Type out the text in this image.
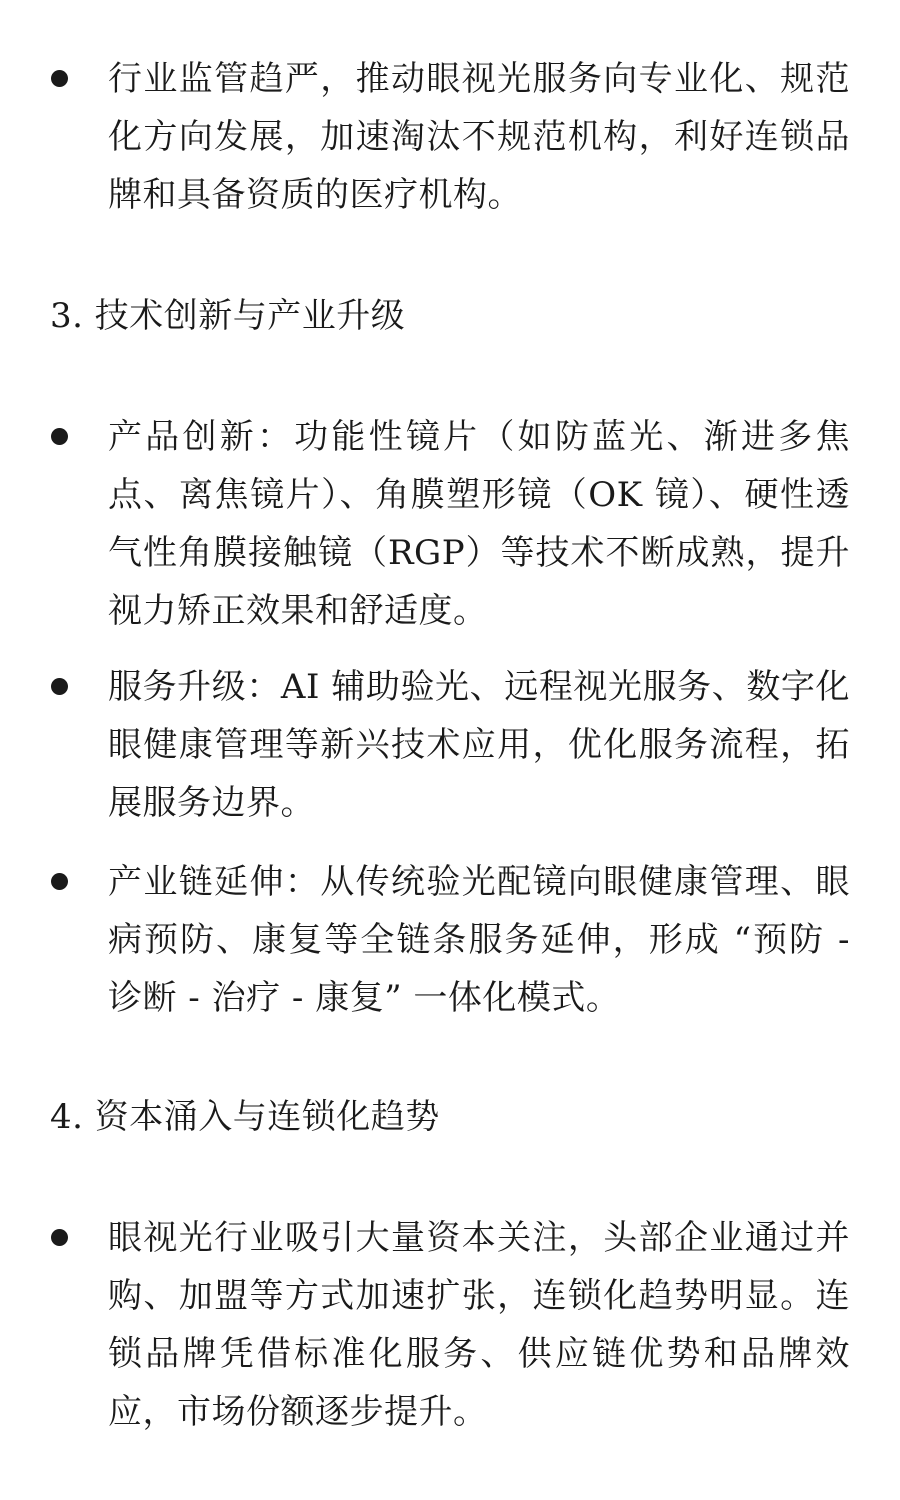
行业监管趋严，推动眼视光服务向专业化、规范化方向发展，加速淘汰不规范机构，利好连锁品牌和具备资质的医疗机构。

3. 技术创新与产业升级

产品创新：功能性镜片（如防蓝光、渐进多焦点、离焦镜片）、角膜塑形镜（OK 镜）、硬性透气性角膜接触镜（RGP）等技术不断成熟，提升视力矫正效果和舒适度。

服务升级：AI 辅助验光、远程视光服务、数字化眼健康管理等新兴技术应用，优化服务流程，拓展服务边界。

产业链延伸：从传统验光配镜向眼健康管理、眼病预防、康复等全链条服务延伸，形成 “预防 - 诊断 - 治疗 - 康复” 一体化模式。

4. 资本涌入与连锁化趋势

眼视光行业吸引大量资本关注，头部企业通过并购、加盟等方式加速扩张，连锁化趋势明显。连锁品牌凭借标准化服务、供应链优势和品牌效应，市场份额逐步提升。
